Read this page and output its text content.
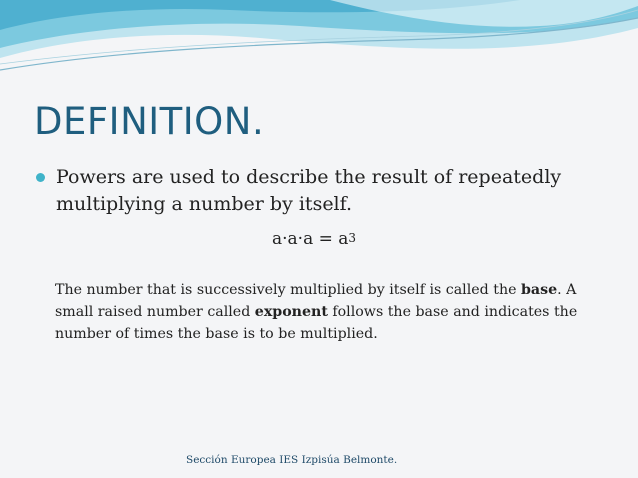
DEFINITION.
Powers are used to describe the result of repeatedly multiplying a number by itself.
$a\cdot a\cdot a = a^3$

The number that is successively multiplied by itself is called the base. A small raised number called exponent follows the base and indicates the number of times the base is to be multiplied.

Sección Europea IES Izpisúa Belmonte.
